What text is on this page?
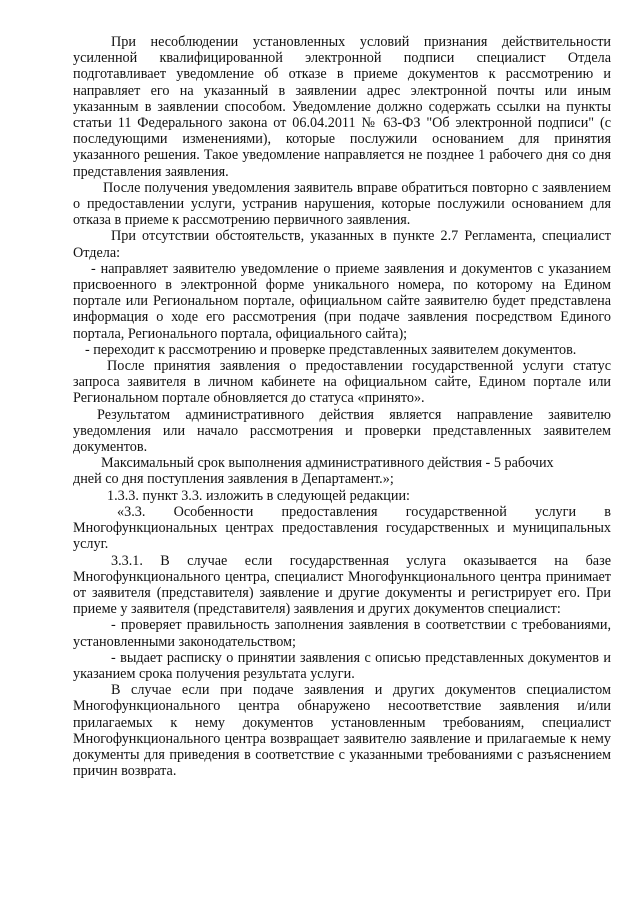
При несоблюдении установленных условий признания действительности усиленной квалифицированной электронной подписи специалист Отдела подготавливает уведомление об отказе в приеме документов к рассмотрению и направляет его на указанный в заявлении адрес электронной почты или иным указанным в заявлении способом. Уведомление должно содержать ссылки на пункты статьи 11 Федерального закона от 06.04.2011 № 63-ФЗ "Об электронной подписи" (с последующими изменениями), которые послужили основанием для принятия указанного решения. Такое уведомление направляется не позднее 1 рабочего дня со дня представления заявления.

После получения уведомления заявитель вправе обратиться повторно с заявлением о предоставлении услуги, устранив нарушения, которые послужили основанием для отказа в приеме к рассмотрению первичного заявления.

При отсутствии обстоятельств, указанных в пункте 2.7 Регламента, специалист Отдела:

- направляет заявителю уведомление о приеме заявления и документов с указанием присвоенного в электронной форме уникального номера, по которому на Едином портале или Региональном портале, официальном сайте заявителю будет представлена информация о ходе его рассмотрения (при подаче заявления посредством Единого портала, Регионального портала, официального сайта);

- переходит к рассмотрению и проверке представленных заявителем документов.

После принятия заявления о предоставлении государственной услуги статус запроса заявителя в личном кабинете на официальном сайте, Едином портале или Региональном портале обновляется до статуса «принято».

Результатом административного действия является направление заявителю уведомления или начало рассмотрения и проверки представленных заявителем документов.

Максимальный срок выполнения административного действия - 5 рабочих дней со дня поступления заявления в Департамент.»;

1.3.3. пункт 3.3. изложить в следующей редакции:

«3.3. Особенности предоставления государственной услуги в Многофункциональных центрах предоставления государственных и муниципальных услуг.

3.3.1. В случае если государственная услуга оказывается на базе Многофункционального центра, специалист Многофункционального центра принимает от заявителя (представителя) заявление и другие документы и регистрирует его. При приеме у заявителя (представителя) заявления и других документов специалист:

- проверяет правильность заполнения заявления в соответствии с требованиями, установленными законодательством;

- выдает расписку о принятии заявления с описью представленных документов и указанием срока получения результата услуги.

В случае если при подаче заявления и других документов специалистом Многофункционального центра обнаружено несоответствие заявления и/или прилагаемых к нему документов установленным требованиям, специалист Многофункционального центра возвращает заявителю заявление и прилагаемые к нему документы для приведения в соответствие с указанными требованиями с разъяснением причин возврата.
